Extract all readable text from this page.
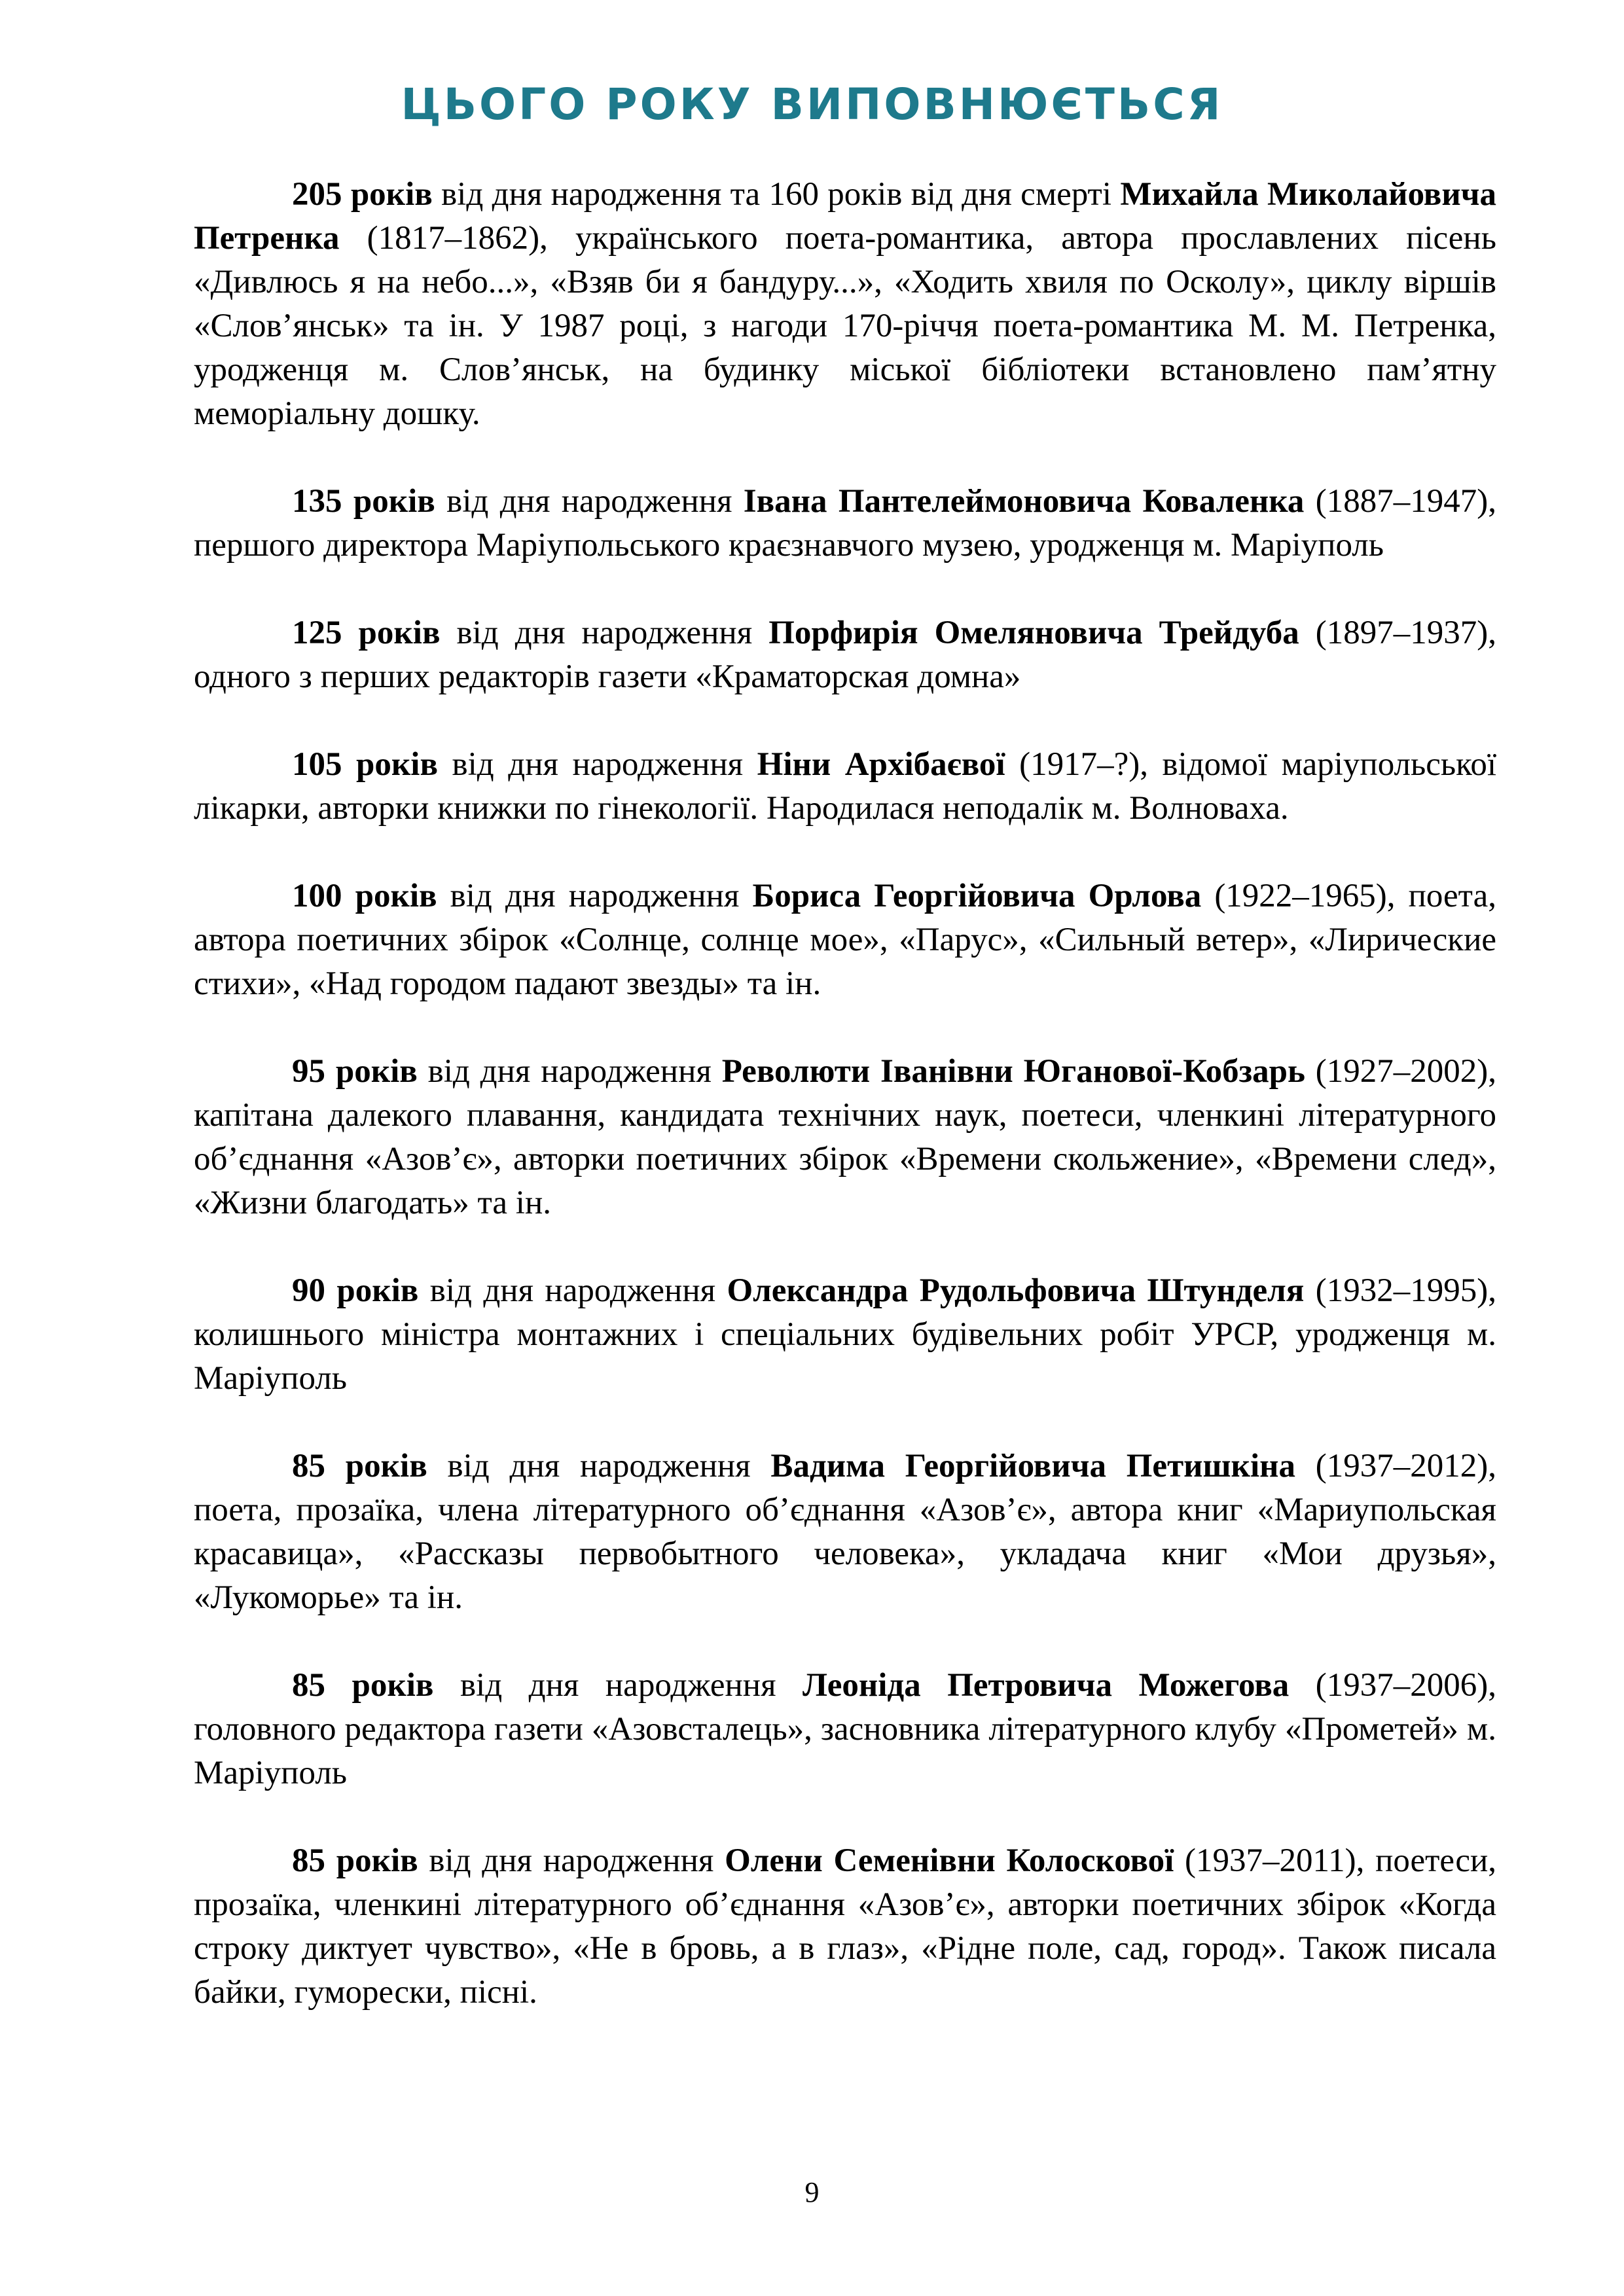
ЦЬОГО РОКУ ВИПОВНЮЄТЬСЯ

205 років від дня народження та 160 років від дня смерті Михайла Миколайовича Петренка (1817–1862), українського поета-романтика, автора прославлених пісень «Дивлюсь я на небо...», «Взяв би я бандуру...», «Ходить хвиля по Осколу», циклу віршів «Слов’янськ» та ін. У 1987 році, з нагоди 170-річчя поета-романтика М. М. Петренка, уродженця м. Слов’янськ, на будинку міської бібліотеки встановлено пам’ятну меморіальну дошку.

135 років від дня народження Івана Пантелеймоновича Коваленка (1887–1947), першого директора Маріупольського краєзнавчого музею, уродженця м. Маріуполь

125 років від дня народження Порфирія Омеляновича Трейдуба (1897–1937), одного з перших редакторів газети «Краматорская домна»

105 років від дня народження Ніни Архібаєвої (1917–?), відомої маріупольської лікарки, авторки книжки по гінекології. Народилася неподалік м. Волноваха.

100 років від дня народження Бориса Георгійовича Орлова (1922–1965), поета, автора поетичних збірок «Солнце, солнце мое», «Парус», «Сильный ветер», «Лирические стихи», «Над городом падают звезды» та ін.

95 років від дня народження Революти Іванівни Юганової-Кобзарь (1927–2002), капітана далекого плавання, кандидата технічних наук, поетеси, членкині літературного об’єднання «Азов’є», авторки поетичних збірок «Времени скольжение», «Времени след», «Жизни благодать» та ін.

90 років від дня народження Олександра Рудольфовича Штунделя (1932–1995), колишнього міністра монтажних і спеціальних будівельних робіт УРСР, уродженця м. Маріуполь

85 років від дня народження Вадима Георгійовича Петишкіна (1937–2012), поета, прозаїка, члена літературного об’єднання «Азов’є», автора книг «Мариупольская красавица», «Рассказы первобытного человека», укладача книг «Мои друзья», «Лукоморье» та ін.

85 років від дня народження Леоніда Петровича Можегова (1937–2006), головного редактора газети «Азовсталець», засновника літературного клубу «Прометей» м. Маріуполь

85 років від дня народження Олени Семенівни Колоскової (1937–2011), поетеси, прозаїка, членкині літературного об’єднання «Азов’є», авторки поетичних збірок «Когда строку диктует чувство», «Не в бровь, а в глаз», «Рідне поле, сад, город». Також писала байки, гуморески, пісні.

9
